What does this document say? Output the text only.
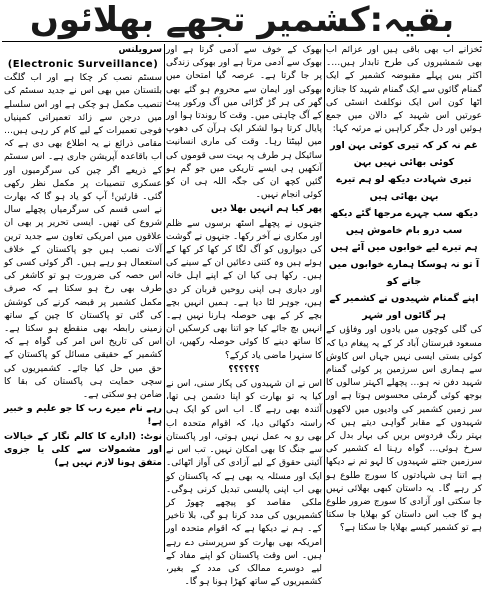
بقیہ:کشمیر تجھے بھلائوں

ٹخزانے اب بھی باقی ہیں اور عزائم اب بھی شمشیروں کی طرح تابدار ہیں…۔اکثر بس پہلے مقبوضہ کشمیر کے ایک گمنام گائوں سے ایک گمنام شہید کا جنازہ اٹھا کون اس ایک نوکلفٹ انسٹی کی عورتیں اس شہید کے دالان میں جمع ہوئیں اور دل جگر کراہیں نے مرثیہ کہا:

غم نہ کر کہ تیری کوئی بہن اور کوئی بھائی نہیں بہن

تیری شہادت دیکھ لو ہم تیرے بہن بھائی ہیں

دیکھ سب چہرے مرجھا گئے دیکھ سب درو بام خاموش ہیں

ہم تیرے لیے خوابوں میں آئے ہیں

آ تو نہ ہوسکا ہمارے خوابوں میں جانے کو

اپنے گمنام شہیدوں نے کشمیر کے ہر گائوں اور شہر

کی گلی کوچوں میں یادوں اور وفاؤں کے مسعود قبرستان آباد کر کے یہ پیغام دیا کہ کوئی بستی ایسی نہیں جہاں اس کاوش سے ہماری اس سرزمین پر کوئی گمنام شہید دفن نہ ہو… پچھلے اکہتر سالوں کا بوجھ کوئی گرمئی محسوس ہوتا ہے اور سر زمین کشمیر کی وادیوں میں لاکھوں شہیدوں کے مقابر گواہی دیتے ہیں کہ بہتر رنگ فردوس بریں کی بہار بدل کر سرخ ہوئی… گواہ رہنا اے کشمیر کی سرزمین جتنے شہیدوں کا لہو تم نے دیکھا ہے اتنا ہی شہادتوں کا سورج طلوع ہو کر رہے گا۔ یہ داستان کبھی بھلائی نہیں جا سکتی اور آزادی کا سورج ضرور طلوع ہو گا جب اس داستان کو بھلایا جا سکتا ہے تو کشمیر کیسے بھلایا جا سکتا ہے؟

بھوک کے خوف سے آدمی گرتا ہے اور بھوک سے آدمی مرتا ہے اور بھوکی زندگی پر جا گرتا ہے۔ عرصہ گیا امتحان میں بھوکی اور ایمان سے محروم ہو گئے بھی گھر کی ہر گڑ گڑائی میں آگ ورکور پیٹ کے آگ چاہتی میں۔ وقت کا روندتا ہوا اور پایال کرتا ہوا لشکر ایک ہرآن کی دھوپ میں لپیٹتا رہا۔ وقت کی ماری انسانیت سائیکل ہر طرف پہ بہت سی قوموں کی آنکھیں ہی ایسے تاریکی میں جو گم ہو گئیں کچھ ان کی جگہ اللہ ہی ان کو کوئی انجام نہیں۔

پھر کیا ہم انہیں بھلا دیں

جنہوں نے پچھلے اسٹھ برسوں سے ظلم اور مکاری نے آخر رکھا۔ جنہوں نے گوشت کی دیواروں کو آگ لگا کر کھا کر کھا کے ہوئے ہیں وہ کتنی دعائیں ان کے سینے کی ہیں۔ رکھا ہی کیا ان کے اپنے اہل خانہ اور دیاری ہی اپنی روحیں قربان کر دی ہیں، جوہر لٹا دیا ہے۔ ہمیں انہیں بچے بچے کر کے بھی حوصلہ ہارنا نہیں ہے۔ انہیں بچ جائے کیا جو اتنا بھی کرسکیں ان کا ساتھ دینے کا کوئی حوصلہ رکھیں، ان کا سنہرا ماضی یاد کرکے؟

؟؟؟؟؟؟

اس نے ان شہیدوں کی پکار سنی، اس نے کیا یہ تو بھارت کو اپنا دشمن ہی تھا، آئندہ بھی رہے گا۔ اب اس کو ایک ہی راستہ دکھائی دیا، کہ اقوام متحدہ اب بھی رو بہ عمل نہیں ہوتی، اور پاکستان سے جنگ کا بھی امکان نہیں۔ تب اس نے آئینی حقوق کے لیے آزادی کی آواز اٹھائی۔ ایک اور مسئلہ یہ بھی ہے کہ پاکستان کو بھی اب اپنی پالیسی تبدیل کرنی ہوگی۔ ملکی مقاصد کو پیچھے چھوڑ کر کشمیریوں کی مدد کرنا ہو گی، بلا تاخیر کے۔ ہم نے دیکھا ہے کہ اقوام متحدہ اور امریکہ بھی بھارت کو سرپرستی دے رہے ہیں۔ اس وقت پاکستان کو اپنے مفاد کے لیے دوسرے ممالک کی مدد کے بغیر، کشمیریوں کے ساتھ کھڑا ہونا ہو گا۔

سرویلنس

(Electronic Surveillance)

سسٹم نصب کر چکا ہے اور اب گلگت بلتستان میں بھی اس نے جدید سسٹم کی تنصیب مکمل ہو چکی ہے اور اس سلسلے میں درجن سے زائد تعمیراتی کمپنیاں فوجی تعمیرات کے لیے کام کر رہی ہیں… مقامی ذرائع نے یہ اطلاع بھی دی ہے کہ اب باقاعدہ آپریشن جاری ہے۔ اس سسٹم کے ذریعے اگر چین کی سرگرمیوں اور عسکری تنصیبات پر مکمل نظر رکھی گئی۔ قارئین! آپ کو یاد ہو گا کہ بھارت نے اسی قسم کی سرگرمیاں پچھلے سال شروع کی تھیں۔ ایسی تحریر پر بھی ان علاقوں میں امریکی تعاون سے جدید ترین آلات نصب ہیں جو پاکستان کے خلاف استعمال ہو رہے ہیں۔ اگر کوئی کسی کو اس حصہ کی ضرورت ہو تو کاشغر کی طرف بھی رخ ہو سکتا ہے کہ صرف مکمل کشمیر پر قبضہ کرنے کی کوشش کی گئی تو پاکستان کا چین کے ساتھ زمینی رابطہ بھی منقطع ہو سکتا ہے۔ اس کی تاریخ اس امر کی گواہ ہے کہ کشمیر کے حقیقی مسائل کو پاکستان کے حق میں حل کیا جائے۔ کشمیریوں کی سچی حمایت ہی پاکستان کی بقا کا ضامن ہو سکتی ہے۔

رہے نام میرے رب کا جو علیم و خبیر ہے!

نوٹ: (ادارے کا کالم نگار کے خیالات اور مشمولات سے کلی یا جزوی متفق ہونا لازم نہیں ہے)
